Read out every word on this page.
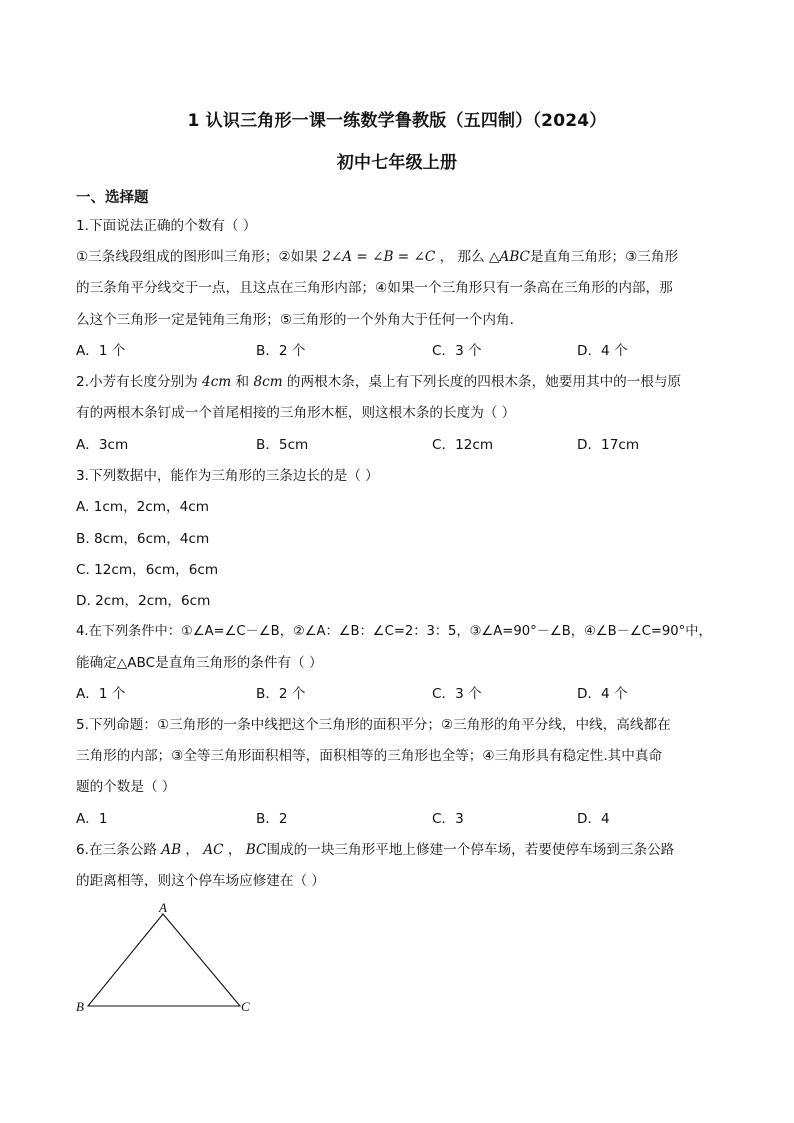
1 认识三角形一课一练数学鲁教版（五四制）（2024）
初中七年级上册
一、选择题
1.下面说法正确的个数有（ ）
①三条线段组成的图形叫三角形；②如果 2∠A = ∠B = ∠C ， 那么 △ABC是直角三角形；③三角形
的三条角平分线交于一点，且这点在三角形内部；④如果一个三角形只有一条高在三角形的内部，那
么这个三角形一定是钝角三角形；⑤三角形的一个外角大于任何一个内角．
A．1 个	B．2 个	C．3 个	D．4 个
2.小芳有长度分别为 4cm 和 8cm 的两根木条，桌上有下列长度的四根木条，她要用其中的一根与原
有的两根木条钉成一个首尾相接的三角形木框，则这根木条的长度为（ ）
A．3cm	B．5cm	C．12cm	D．17cm
3.下列数据中，能作为三角形的三条边长的是（ ）
A. 1cm，2cm，4cm
B. 8cm，6cm，4cm
C. 12cm，6cm，6cm
D. 2cm，2cm，6cm
4.在下列条件中：①∠A=∠C－∠B，②∠A：∠B：∠C=2：3：5，③∠A=90°－∠B，④∠B－∠C=90°中，
能确定△ABC是直角三角形的条件有（ ）
A．1 个	B．2 个	C．3 个	D．4 个
5.下列命题：①三角形的一条中线把这个三角形的面积平分；②三角形的角平分线，中线，高线都在
三角形的内部；③全等三角形面积相等，面积相等的三角形也全等；④三角形具有稳定性.其中真命
题的个数是（ ）
A．1	B．2	C．3	D．4
6.在三条公路 AB ， AC ， BC围成的一块三角形平地上修建一个停车场，若要使停车场到三条公路
的距离相等，则这个停车场应修建在（ ）
A
B	C
